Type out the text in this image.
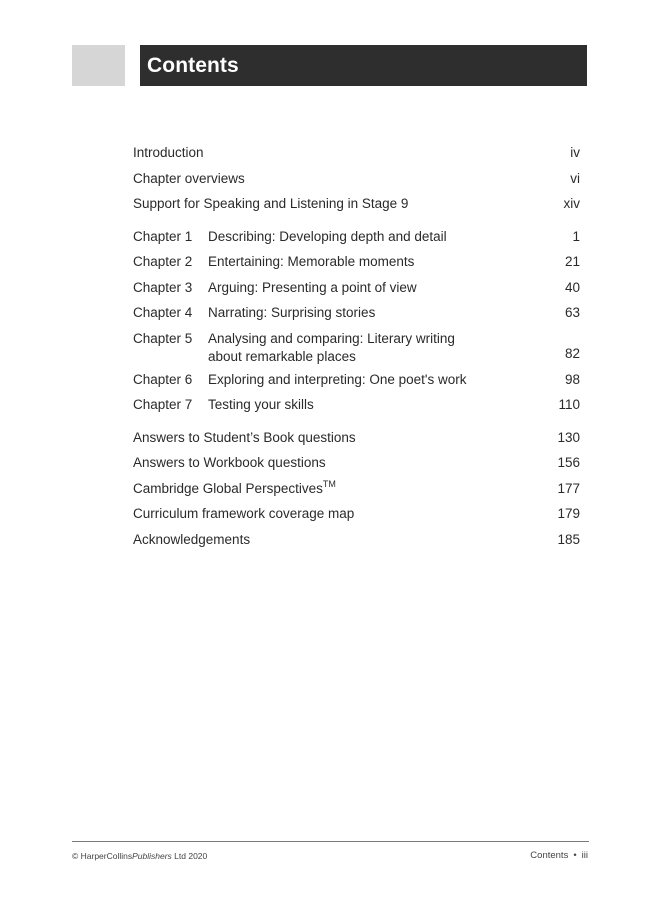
Contents
Introduction	iv
Chapter overviews	vi
Support for Speaking and Listening in Stage 9	xiv
Chapter 1	Describing: Developing depth and detail	1
Chapter 2	Entertaining: Memorable moments	21
Chapter 3	Arguing: Presenting a point of view	40
Chapter 4	Narrating: Surprising stories	63
Chapter 5	Analysing and comparing: Literary writing
about remarkable places	82
Chapter 6	Exploring and interpreting: One poet's work	98
Chapter 7	Testing your skills	110
Answers to Student’s Book questions	130
Answers to Workbook questions	156
Cambridge Global Perspectives™	177
Curriculum framework coverage map	179
Acknowledgements	185
© HarperCollinsPublishers Ltd 2020	Contents • iii
